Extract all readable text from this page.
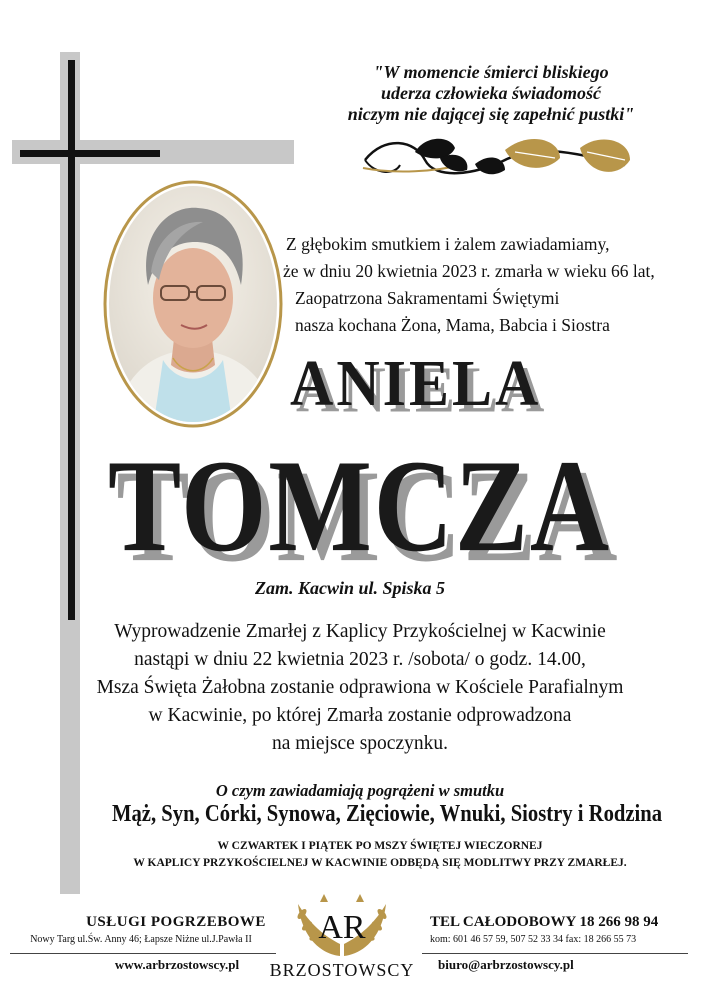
"W momencie śmierci bliskiego
uderza człowieka świadomość
niczym nie dającej się zapełnić pustki"
Z głębokim smutkiem i żalem zawiadamiamy,
że w dniu 20 kwietnia 2023 r. zmarła w wieku 66 lat,
Zaopatrzona Sakramentami Świętymi
nasza kochana Żona, Mama, Babcia i Siostra
ANIELA
TOMCZA
Zam. Kacwin ul. Spiska 5
Wyprowadzenie Zmarłej z Kaplicy Przykościelnej w Kacwinie
nastąpi w dniu 22 kwietnia 2023 r. /sobota/ o godz. 14.00,
Msza Święta Żałobna zostanie odprawiona w Kościele Parafialnym
w Kacwinie, po której Zmarła zostanie odprowadzona
na miejsce spoczynku.
O czym zawiadamiają pogrążeni w smutku
Mąż, Syn, Córki, Synowa, Zięciowie, Wnuki, Siostry i Rodzina
W CZWARTEK I PIĄTEK PO MSZY ŚWIĘTEJ WIECZORNEJ
W KAPLICY PRZYKOŚCIELNEJ W KACWINIE ODBĘDĄ SIĘ MODLITWY PRZY ZMARŁEJ.
USŁUGI POGRZEBOWE
Nowy Targ ul.Św. Anny 46; Łapsze Niżne ul.J.Pawła II
www.arbrzostowscy.pl
AR
BRZOSTOWSCY
TEL CAŁODOBOWY 18 266 98 94
kom: 601 46 57 59, 507 52 33 34 fax: 18 266 55 73
biuro@arbrzostowscy.pl
